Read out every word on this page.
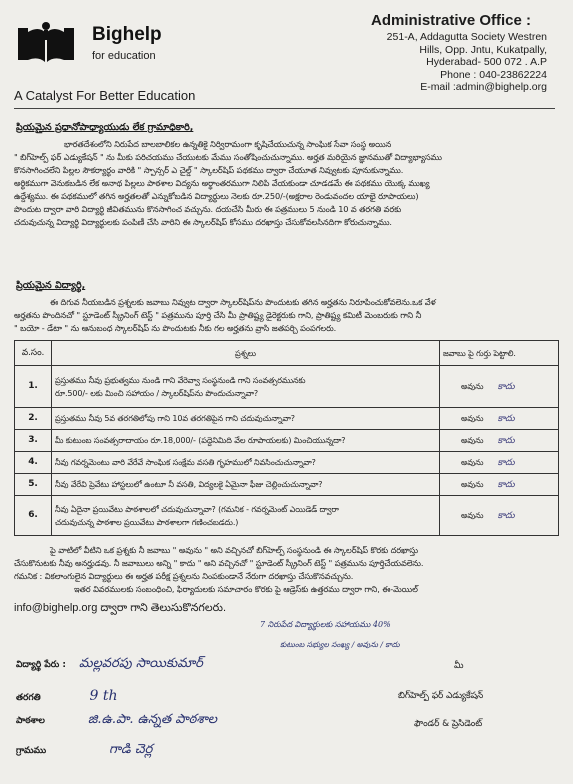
Bighelp
for education
A Catalyst For Better Education
Administrative Office :
251-A, Addagutta Society Westren
Hills, Opp. Jntu, Kukatpally,
Hyderabad- 500 072 . A.P
Phone : 040-23862224
E-mail :admin@bighelp.org
ప్రియమైన ప్రధానోపాధ్యాయుడు లేక గ్రామాధికారి,
భారతదేశంలోని నిరుపేద బాలబాలికల ఉన్నతికై నిర్విరామంగా కృషిచేయుచున్న సాంఘిక సేవా సంస్థ అయిన
" బిగ్‌హెల్ప్ ఫర్ ఎడ్యుకేషన్ " ను మీకు పరిచయము చేయుటకు మేము సంతోషించుచున్నాము. అర్హత మరియైన జ్ఞానముతో విద్యాభ్యాసము
కొనసాగించలేని పిల్లల సౌకర్యార్థం వారికి " స్పాన్సర్ ఎ చైల్డ్ " స్కాలర్‌షిప్ పథకము ద్వారా చేయూత నివ్వుటకు పూనుకున్నాము.
అర్థికముగా వెనుకబడిన లేక అనాథ పిల్లలు పాఠశాల విద్యను అర్థాంతరముగా నిలిపి వేయకుండా చూడడమే ఈ పథకము యొక్క ముఖ్య
ఉద్దేశ్యము. ఈ పథకములో తగిన అర్హతలతో ఎన్నుకోబడిన విద్యార్థులు నెలకు రూ.250/-(అక్షరాల రెండువందల యాభై రూపాయలు)
పొందుట ద్వారా వారి విద్యార్థి జీవితమును కొనసాగించ వచ్చును. దయచేసి మీరు ఈ పత్రములు 5 నుండి 10 వ తరగతి వరకు
చదువుచున్న విద్యార్థి విద్యార్థులకు పంపిణీ చేసి వారిని ఈ స్కాలర్‌షిప్ కోసము దరఖాస్తు చేసుకోవలసినదిగా కోరుచున్నాము.
ప్రియమైన విద్యార్థి,
ఈ దిగువ నీయబడిన ప్రశ్నలకు జవాబు నివ్వుట ద్వారా స్కాలర్‌షిప్‌ను పొందుటకు తగిన అర్హతను నిరూపించుకోవలెను.ఒక వేళ
అర్హతను పొందినచో " స్టూడెంట్ స్క్రీనింగ్ టెస్ట్ " పత్రమును పూర్తి చేసి మీ ప్రాతిష్ట్య డైరెక్టరుకు గాని, ప్రాతిష్ట్య కమిటీ మెంబరుకు గాని నీ
" బయో - డేటా " ను ఆనుబంధ స్కాలర్‌షిప్ ను పొందుటకు నీకు గల అర్హతను వ్రాసి జతపర్చి పంపగలరు.
వ.సం.	ప్రశ్నలు	జవాబు పై గుర్తు పెట్టాలి.
1.	ప్రస్తుతము నీవు ప్రభుత్వము నుండి గాని వేరెవ్వా సంస్థనుండి గాని సంవత్సరమునకు
రూ.500/- లకు మించి సహాయం / స్కాలర్‌షిప్‌ను పొందుచున్నావా?	అవును కాదు
2.	ప్రస్తుతము నీవు 5వ తరగతిలోపు గాని 10వ తరగతిపైన గాని చదువుచున్నావా?	అవును కాదు
3.	మీ కుటుంబ సంవత్సరాదాయం రూ.18,000/- (పద్దెనిమిది వేల రూపాయలకు) మించియున్నదా?	అవును కాదు
4.	నీవు గవర్నమెంటు వారి వేరేవే సాంఘిక సంక్షేమ వసతి గృహములో నివసించుచున్నావా?	అవును కాదు
5.	నీవు వేరేవి ప్రెవేటు హాస్టలులో ఉంటూ నీ వసతి, విద్యలకై ఏమైనా ఫీజు చెల్లించుచున్నావా?	అవును కాదు
6.	నీవు ఏదైనా ప్రయివేటు పాఠశాలలో చదువుచున్నావా? (గమనిక - గవర్నమెంట్ ఎయిడెడ్ ద్వారా
చదువుచున్న పాఠశాల ప్రయివేటు పాఠశాలగా గణించబడదు.)	అవును కాదు
పై వాటిలో వీటిని ఒక ప్రశ్నకు నీ జవాబు " అవును " అని వచ్చినచో బిగ్‌హెల్ప్ సంస్థనుండి ఈ స్కాలర్‌షిప్ కొరకు దరఖాస్తు
చేసుకొనుటకు నీవు అనర్హుడవు. నీ జవాబులు అన్ని " కాదు " అని వచ్చినచో " స్టూడెంట్ స్క్రీనింగ్ టెస్ట్ " పత్రమును పూర్తిచేయవలెను.
గమనిక : వికలాంగులైన విద్యార్థులు ఈ అర్హత పరీక్ష ప్రశ్నలను నింపకుండానే నేరుగా దరఖాస్తు చేసుకొనవచ్చును.
ఇతర వివరములకు సంబంధించి, ఫిర్యాదులకు సమాచారం కొరకు పై ఆడ్రెస్‌కు ఉత్తరము ద్వారా గాని, ఈ-మెయిల్
info@bighelp.org ద్వారా గాని తెలుసుకొనగలరు.
7 నిరుపేద విద్యార్థులకు సహాయము 40%
కుటుంబ సభ్యుల సంఖ్య / అవును / కాదు
విద్యార్థి పేరు : మల్లవరపు సాయికుమార్
తరగతి	9 th
పాఠశాల	జి.ఉ.పా. ఉన్నత పాఠశాల
గ్రామము	గాడి చెర్ల
మీ
బిగ్‌హెల్ప్ ఫర్ ఎడ్యుకేషన్
ఫౌండర్ & ప్రెసిడెంట్
